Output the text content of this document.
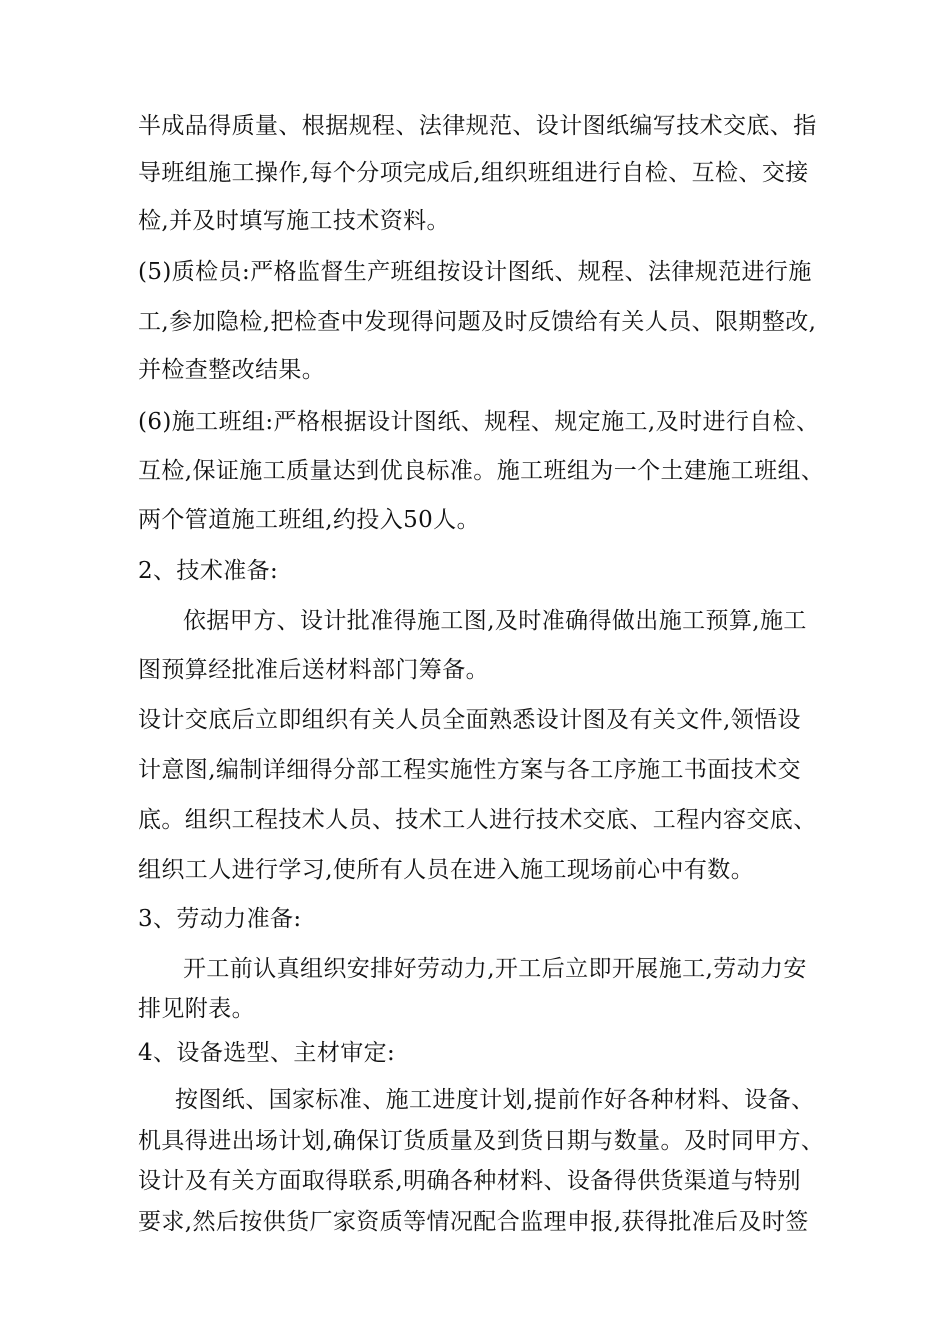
半成品得质量、根据规程、法律规范、设计图纸编写技术交底、指
导班组施工操作,每个分项完成后,组织班组进行自检、互检、交接
检,并及时填写施工技术资料。
(5)质检员:严格监督生产班组按设计图纸、规程、法律规范进行施
工,参加隐检,把检查中发现得问题及时反馈给有关人员、限期整改,
并检查整改结果。
(6)施工班组:严格根据设计图纸、规程、规定施工,及时进行自检、
互检,保证施工质量达到优良标准。施工班组为一个土建施工班组、
两个管道施工班组,约投入50人。
2、技术准备:
依据甲方、设计批准得施工图,及时准确得做出施工预算,施工
图预算经批准后送材料部门筹备。
设计交底后立即组织有关人员全面熟悉设计图及有关文件,领悟设
计意图,编制详细得分部工程实施性方案与各工序施工书面技术交
底。组织工程技术人员、技术工人进行技术交底、工程内容交底、
组织工人进行学习,使所有人员在进入施工现场前心中有数。
3、劳动力准备:
开工前认真组织安排好劳动力,开工后立即开展施工,劳动力安
排见附表。
4、设备选型、主材审定:
按图纸、国家标准、施工进度计划,提前作好各种材料、设备、
机具得进出场计划,确保订货质量及到货日期与数量。及时同甲方、
设计及有关方面取得联系,明确各种材料、设备得供货渠道与特别
要求,然后按供货厂家资质等情况配合监理申报,获得批准后及时签
